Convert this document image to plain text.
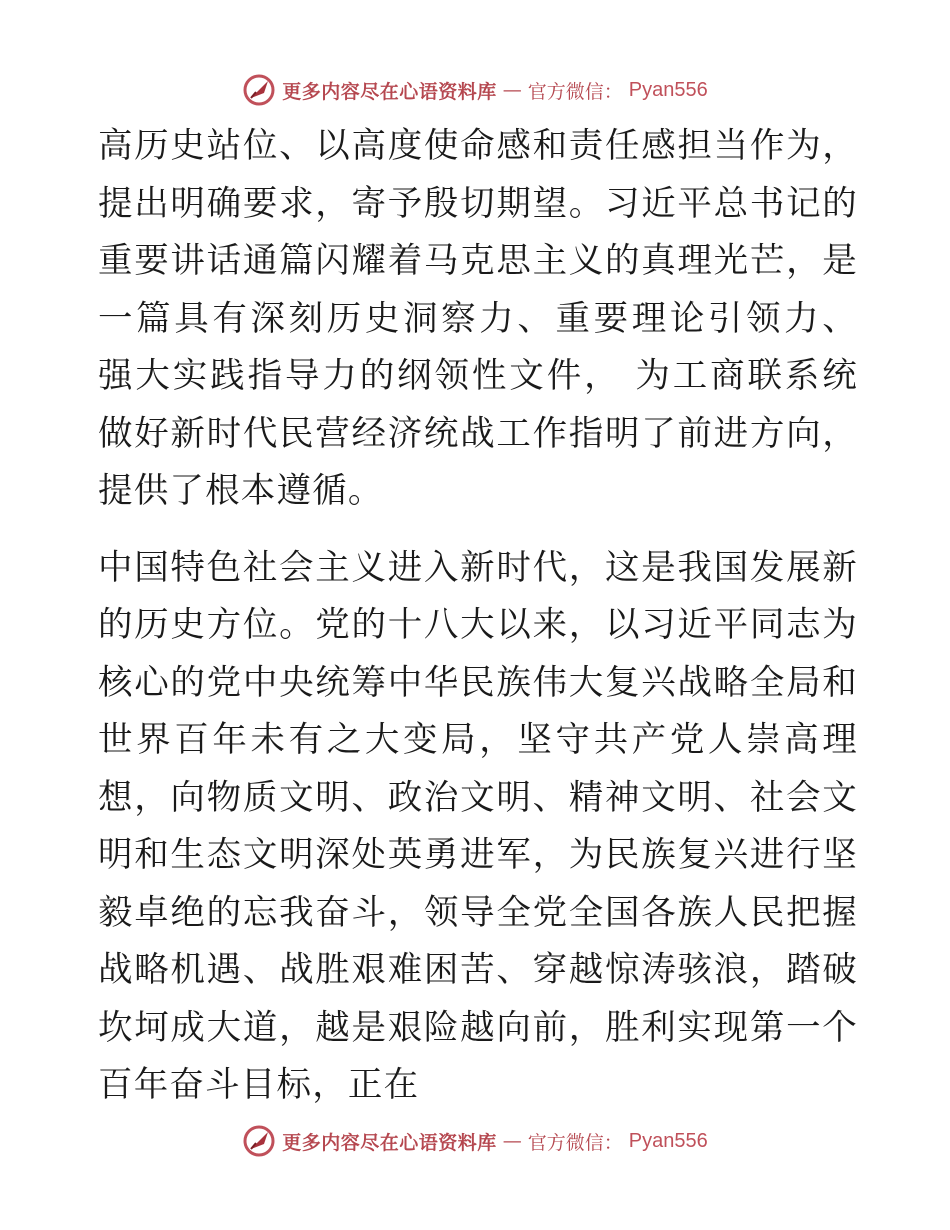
更多内容尽在心语资料库 — 官方微信： Pyan556

高历史站位、以高度使命感和责任感担当作为，提出明确要求，寄予殷切期望。习近平总书记的重要讲话通篇闪耀着马克思主义的真理光芒，是一篇具有深刻历史洞察力、重要理论引领力、 强大实践指导力的纲领性文件， 为工商联系统做好新时代民营经济统战工作指明了前进方向，提供了根本遵循。

中国特色社会主义进入新时代，这是我国发展新的历史方位。党的十八大以来，以习近平同志为核心的党中央统筹中华民族伟大复兴战略全局和世界百年未有之大变局，坚守共产党人崇高理想，向物质文明、政治文明、精神文明、社会文明和生态文明深处英勇进军，为民族复兴进行坚毅卓绝的忘我奋斗，领导全党全国各族人民把握战略机遇、战胜艰难困苦、穿越惊涛骇浪，踏破坎坷成大道，越是艰险越向前，胜利实现第一个百年奋斗目标，正在

更多内容尽在心语资料库 — 官方微信： Pyan556
